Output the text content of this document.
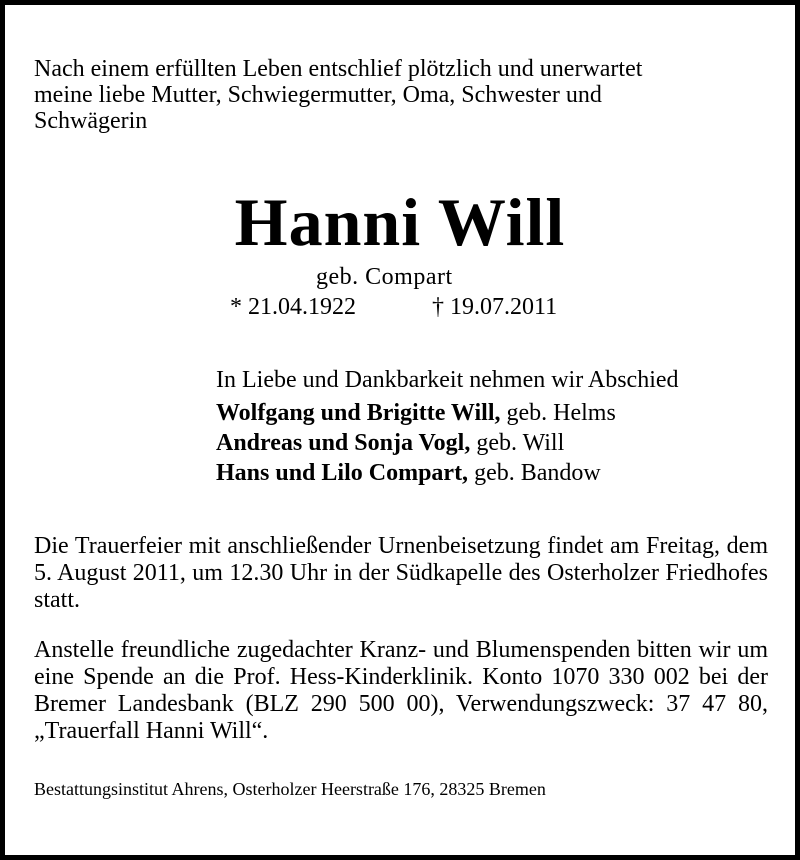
Nach einem erfüllten Leben entschlief plötzlich und unerwartet

meine liebe Mutter, Schwiegermutter, Oma, Schwester und

Schwägerin

Hanni Will
geb. Compart
* 21.04.1922	† 19.07.2011
In Liebe und Dankbarkeit nehmen wir Abschied
Wolfgang und Brigitte Will, geb. Helms
Andreas und Sonja Vogl, geb. Will
Hans und Lilo Compart, geb. Bandow

Die Trauerfeier mit anschließender Urnenbeisetzung findet am Freitag, dem 5. August 2011, um 12.30 Uhr in der Südkapelle des Osterholzer Friedhofes statt.

Anstelle freundliche zugedachter Kranz- und Blumenspenden bitten wir um eine Spende an die Prof. Hess-Kinderklinik. Konto 1070 330 002 bei der Bremer Landesbank (BLZ 290 500 00), Verwendungszweck: 37 47 80, „Trauerfall Hanni Will“.

Bestattungsinstitut Ahrens, Osterholzer Heerstraße 176, 28325 Bremen
